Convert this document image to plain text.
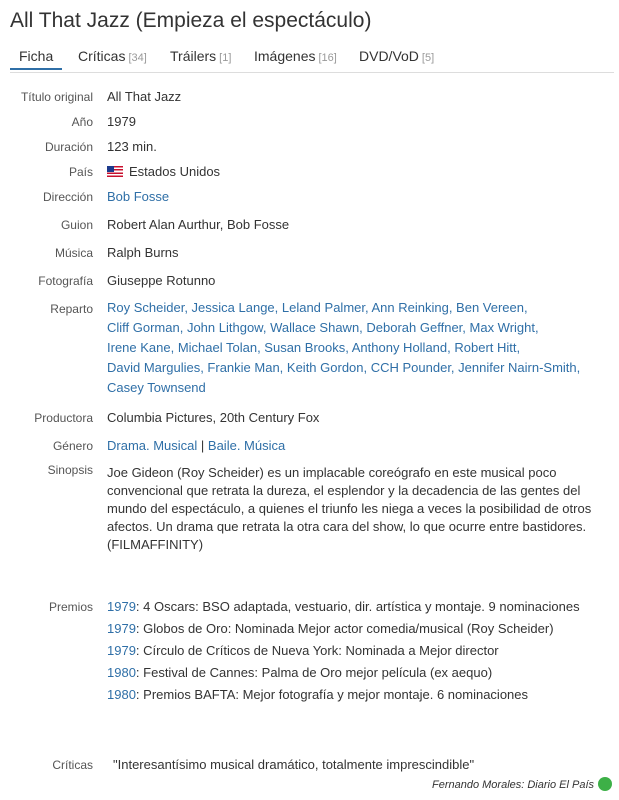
All That Jazz (Empieza el espectáculo)
Ficha	Críticas [34] Tráilers [1] Imágenes [16] DVD/VoD [5]
Título original All That Jazz
Año 1979
Duración 123 min.
País	Estados Unidos
Dirección Bob Fosse
Guion Robert Alan Aurthur, Bob Fosse
Música Ralph Burns
Fotografía Giuseppe Rotunno
Reparto Roy Scheider, Jessica Lange, Leland Palmer, Ann Reinking, Ben Vereen,
Cliff Gorman, John Lithgow, Wallace Shawn, Deborah Geffner, Max Wright,
Irene Kane, Michael Tolan, Susan Brooks, Anthony Holland, Robert Hitt,
David Margulies, Frankie Man, Keith Gordon, CCH Pounder, Jennifer Nairn-Smith,
Casey Townsend
Productora Columbia Pictures, 20th Century Fox
Género Drama. Musical | Baile. Música
Sinopsis Joe Gideon (Roy Scheider) es un implacable coreógrafo en este musical poco
convencional que retrata la dureza, el esplendor y la decadencia de las gentes del
mundo del espectáculo, a quienes el triunfo les niega a veces la posibilidad de otros
afectos. Un drama que retrata la otra cara del show, lo que ocurre entre bastidores.
(FILMAFFINITY)
Premios 1979: 4 Oscars: BSO adaptada, vestuario, dir. artística y montaje. 9 nominaciones
1979: Globos de Oro: Nominada Mejor actor comedia/musical (Roy Scheider)
1979: Círculo de Críticos de Nueva York: Nominada a Mejor director
1980: Festival de Cannes: Palma de Oro mejor película (ex aequo)
1980: Premios BAFTA: Mejor fotografía y mejor montaje. 6 nominaciones
Críticas "Interesantísimo musical dramático, totalmente imprescindible"
Fernando Morales: Diario El País
